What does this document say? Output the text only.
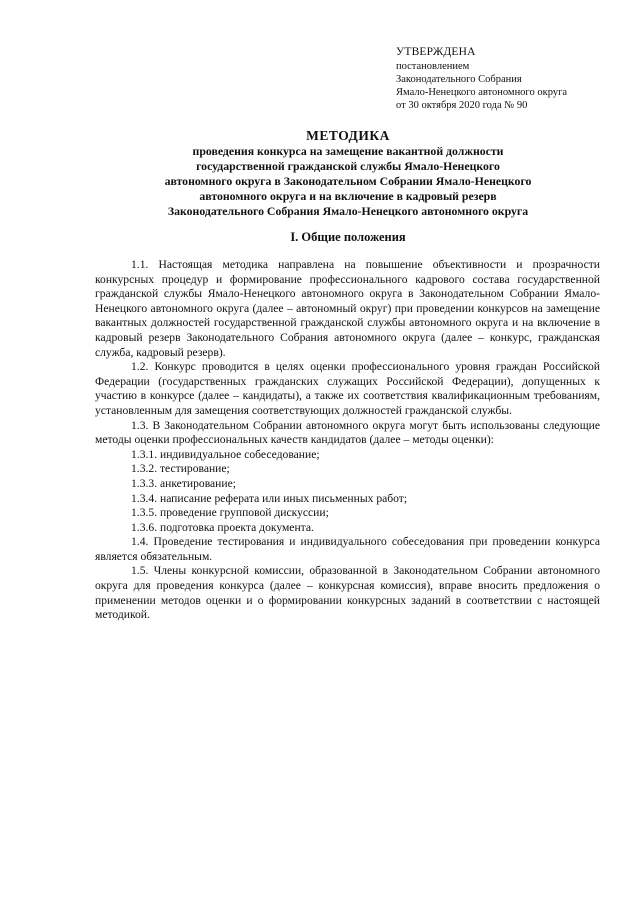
УТВЕРЖДЕНА
постановлением
Законодательного Собрания
Ямало-Ненецкого автономного округа
от 30 октября 2020 года № 90
МЕТОДИКА
проведения конкурса на замещение вакантной должности
государственной гражданской службы Ямало-Ненецкого
автономного округа в Законодательном Собрании Ямало-Ненецкого
автономного округа и на включение в кадровый резерв
Законодательного Собрания Ямало-Ненецкого автономного округа
I. Общие положения

1.1. Настоящая методика направлена на повышение объективности и прозрачности конкурсных процедур и формирование профессионального кадрового состава государственной гражданской службы Ямало-Ненецкого автономного округа в Законодательном Собрании Ямало-Ненецкого автономного округа (далее – автономный округ) при проведении конкурсов на замещение вакантных должностей государственной гражданской службы автономного округа и на включение в кадровый резерв Законодательного Собрания автономного округа (далее – конкурс, гражданская служба, кадровый резерв).

1.2. Конкурс проводится в целях оценки профессионального уровня граждан Российской Федерации (государственных гражданских служащих Российской Федерации), допущенных к участию в конкурсе (далее – кандидаты), а также их соответствия квалификационным требованиям, установленным для замещения соответствующих должностей гражданской службы.

1.3. В Законодательном Собрании автономного округа могут быть использованы следующие методы оценки профессиональных качеств кандидатов (далее – методы оценки):

1.3.1. индивидуальное собеседование;

1.3.2. тестирование;

1.3.3. анкетирование;

1.3.4. написание реферата или иных письменных работ;

1.3.5. проведение групповой дискуссии;

1.3.6. подготовка проекта документа.

1.4. Проведение тестирования и индивидуального собеседования при проведении конкурса является обязательным.

1.5. Члены конкурсной комиссии, образованной в Законодательном Собрании автономного округа для проведения конкурса (далее – конкурсная комиссия), вправе вносить предложения о применении методов оценки и о формировании конкурсных заданий в соответствии с настоящей методикой.
